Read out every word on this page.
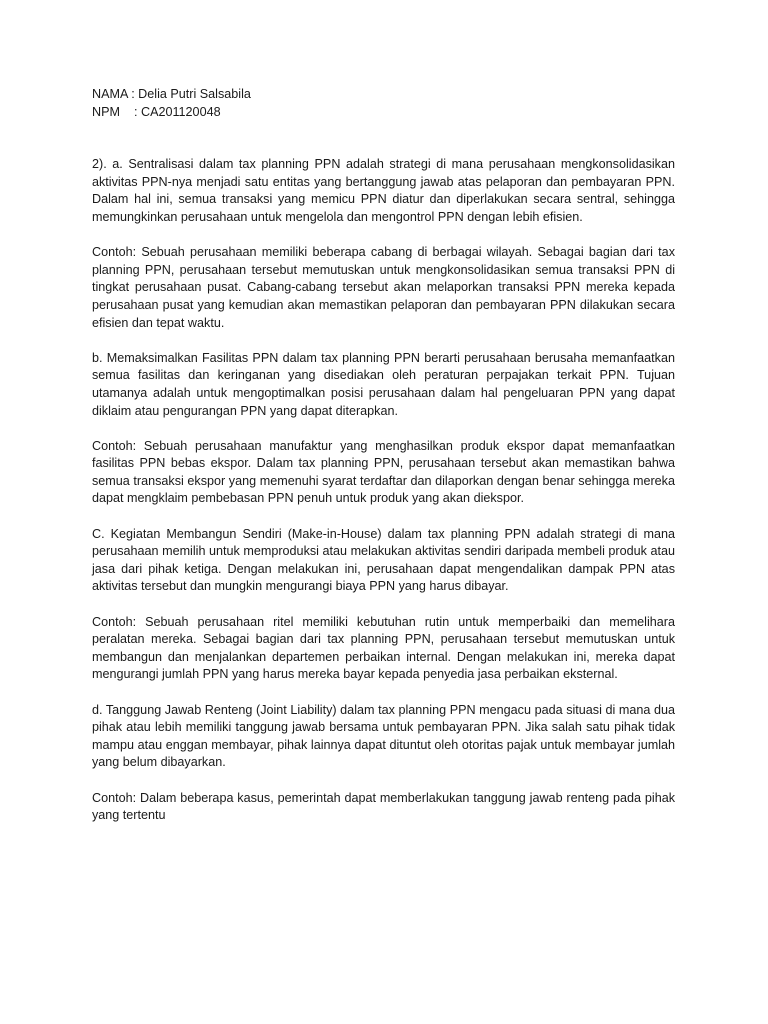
NAMA : Delia Putri Salsabila
NPM    : CA201120048

2). a. Sentralisasi dalam tax planning PPN adalah strategi di mana perusahaan mengkonsolidasikan aktivitas PPN-nya menjadi satu entitas yang bertanggung jawab atas pelaporan dan pembayaran PPN. Dalam hal ini, semua transaksi yang memicu PPN diatur dan diperlakukan secara sentral, sehingga memungkinkan perusahaan untuk mengelola dan mengontrol PPN dengan lebih efisien.

Contoh: Sebuah perusahaan memiliki beberapa cabang di berbagai wilayah. Sebagai bagian dari tax planning PPN, perusahaan tersebut memutuskan untuk mengkonsolidasikan semua transaksi PPN di tingkat perusahaan pusat. Cabang-cabang tersebut akan melaporkan transaksi PPN mereka kepada perusahaan pusat yang kemudian akan memastikan pelaporan dan pembayaran PPN dilakukan secara efisien dan tepat waktu.

b. Memaksimalkan Fasilitas PPN dalam tax planning PPN berarti perusahaan berusaha memanfaatkan semua fasilitas dan keringanan yang disediakan oleh peraturan perpajakan terkait PPN. Tujuan utamanya adalah untuk mengoptimalkan posisi perusahaan dalam hal pengeluaran PPN yang dapat diklaim atau pengurangan PPN yang dapat diterapkan.

Contoh: Sebuah perusahaan manufaktur yang menghasilkan produk ekspor dapat memanfaatkan fasilitas PPN bebas ekspor. Dalam tax planning PPN, perusahaan tersebut akan memastikan bahwa semua transaksi ekspor yang memenuhi syarat terdaftar dan dilaporkan dengan benar sehingga mereka dapat mengklaim pembebasan PPN penuh untuk produk yang akan diekspor.

C. Kegiatan Membangun Sendiri (Make-in-House) dalam tax planning PPN adalah strategi di mana perusahaan memilih untuk memproduksi atau melakukan aktivitas sendiri daripada membeli produk atau jasa dari pihak ketiga. Dengan melakukan ini, perusahaan dapat mengendalikan dampak PPN atas aktivitas tersebut dan mungkin mengurangi biaya PPN yang harus dibayar.

Contoh: Sebuah perusahaan ritel memiliki kebutuhan rutin untuk memperbaiki dan memelihara peralatan mereka. Sebagai bagian dari tax planning PPN, perusahaan tersebut memutuskan untuk membangun dan menjalankan departemen perbaikan internal. Dengan melakukan ini, mereka dapat mengurangi jumlah PPN yang harus mereka bayar kepada penyedia jasa perbaikan eksternal.

d. Tanggung Jawab Renteng (Joint Liability) dalam tax planning PPN mengacu pada situasi di mana dua pihak atau lebih memiliki tanggung jawab bersama untuk pembayaran PPN. Jika salah satu pihak tidak mampu atau enggan membayar, pihak lainnya dapat dituntut oleh otoritas pajak untuk membayar jumlah yang belum dibayarkan.

Contoh: Dalam beberapa kasus, pemerintah dapat memberlakukan tanggung jawab renteng pada pihak yang tertentu
